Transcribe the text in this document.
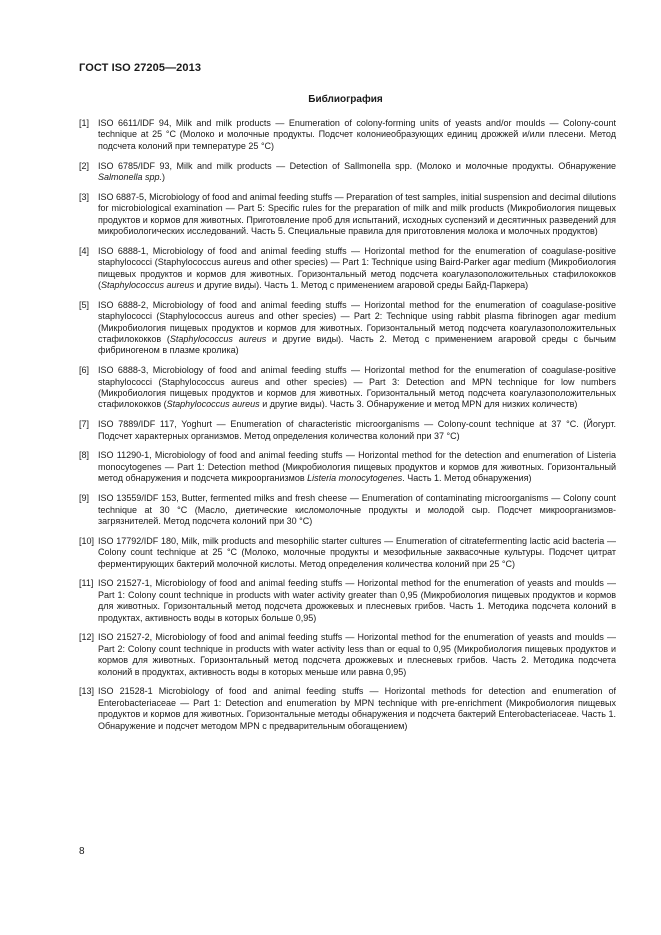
ГОСТ ISO 27205—2013
Библиография
[1] ISO 6611/IDF 94, Milk and milk products — Enumeration of colony-forming units of yeasts and/or moulds — Colony-count technique at 25 °C (Молоко и молочные продукты. Подсчет колониеобразующих единиц дрожжей и/или плесени. Метод подсчета колоний при температуре 25 °C)
[2] ISO 6785/IDF 93, Milk and milk products — Detection of Sallmonella spp. (Молоко и молочные продукты. Обнаружение Salmonella spp.)
[3] ISO 6887-5, Microbiology of food and animal feeding stuffs — Preparation of test samples, initial suspension and decimal dilutions for microbiological examination — Part 5: Specific rules for the preparation of milk and milk products (Микробиология пищевых продуктов и кормов для животных. Приготовление проб для испытаний, исходных суспензий и десятичных разведений для микробиологических исследований. Часть 5. Специальные правила для приготовления молока и молочных продуктов)
[4] ISO 6888-1, Microbiology of food and animal feeding stuffs — Horizontal method for the enumeration of coagulase-positive staphylococci (Staphylococcus aureus and other species) — Part 1: Technique using Baird-Parker agar medium (Микробиология пищевых продуктов и кормов для животных. Горизонтальный метод подсчета коагулазоположительных стафилококков (Staphylococcus aureus и другие виды). Часть 1. Метод с применением агаровой среды Байд-Паркера)
[5] ISO 6888-2, Microbiology of food and animal feeding stuffs — Horizontal method for the enumeration of coagulase-positive staphylococci (Staphylococcus aureus and other species) — Part 2: Technique using rabbit plasma fibrinogen agar medium (Микробиология пищевых продуктов и кормов для животных. Горизонтальный метод подсчета коагулазоположительных стафилококков (Staphylococcus aureus и другие виды). Часть 2. Метод с применением агаровой среды с бычьим фибриногеном в плазме кролика)
[6] ISO 6888-3, Microbiology of food and animal feeding stuffs — Horizontal method for the enumeration of coagulase-positive staphylococci (Staphylococcus aureus and other species) — Part 3: Detection and MPN technique for low numbers (Микробиология пищевых продуктов и кормов для животных. Горизонтальный метод подсчета коагулазоположительных стафилококков (Staphylococcus aureus и другие виды). Часть 3. Обнаружение и метод MPN для низких количеств)
[7] ISO 7889/IDF 117, Yoghurt — Enumeration of characteristic microorganisms — Colony-count technique at 37 °C. (Йогурт. Подсчет характерных организмов. Метод определения количества колоний при 37 °C)
[8] ISO 11290-1, Microbiology of food and animal feeding stuffs — Horizontal method for the detection and enumeration of Listeria monocytogenes — Part 1: Detection method (Микробиология пищевых продуктов и кормов для животных. Горизонтальный метод обнаружения и подсчета микроорганизмов Listeria monocytogenes. Часть 1. Метод обнаружения)
[9] ISO 13559/IDF 153, Butter, fermented milks and fresh cheese — Enumeration of contaminating microorganisms — Colony count technique at 30 °C (Масло, диетические кисломолочные продукты и молодой сыр. Подсчет микроорганизмов-загрязнителей. Метод подсчета колоний при 30 °C)
[10] ISO 17792/IDF 180, Milk, milk products and mesophilic starter cultures — Enumeration of citratefermenting lactic acid bacteria — Colony count technique at 25 °C (Молоко, молочные продукты и мезофильные заквасочные культуры. Подсчет цитрат ферментирующих бактерий молочной кислоты. Метод определения количества колоний при 25 °C)
[11] ISO 21527-1, Microbiology of food and animal feeding stuffs — Horizontal method for the enumeration of yeasts and moulds — Part 1: Colony count technique in products with water activity greater than 0,95 (Микробиология пищевых продуктов и кормов для животных. Горизонтальный метод подсчета дрожжевых и плесневых грибов. Часть 1. Методика подсчета колоний в продуктах, активность воды в которых больше 0,95)
[12] ISO 21527-2, Microbiology of food and animal feeding stuffs — Horizontal method for the enumeration of yeasts and moulds — Part 2: Colony count technique in products with water activity less than or equal to 0,95 (Микробиология пищевых продуктов и кормов для животных. Горизонтальный метод подсчета дрожжевых и плесневых грибов. Часть 2. Методика подсчета колоний в продуктах, активность воды в которых меньше или равна 0,95)
[13] ISO 21528-1 Microbiology of food and animal feeding stuffs — Horizontal methods for detection and enumeration of Enterobacteriaceae — Part 1: Detection and enumeration by MPN technique with pre-enrichment (Микробиология пищевых продуктов и кормов для животных. Горизонтальные методы обнаружения и подсчета бактерий Enterobacteriaceae. Часть 1. Обнаружение и подсчет методом MPN с предварительным обогащением)
8
